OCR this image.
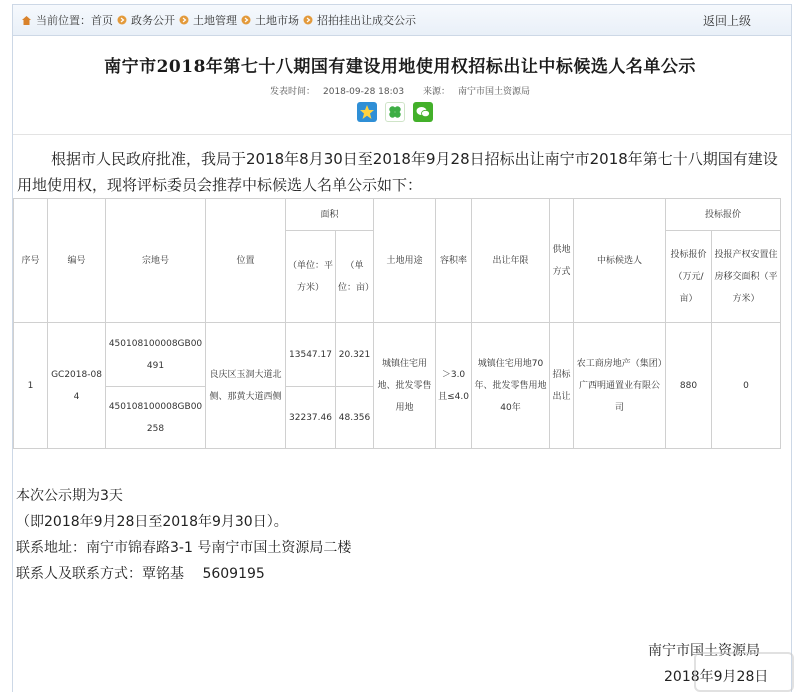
当前位置： 首页 政务公开 土地管理 土地市场 招拍挂出让成交公示	返回上级
南宁市2018年第七十八期国有建设用地使用权招标出让中标候选人名单公示
发表时间： 2018-09-28 18:03 来源： 南宁市国土资源局

根据市人民政府批准，我局于2018年8月30日至2018年9月28日招标出让南宁市2018年第七十八期国有建设用地使用权，现将评标委员会推荐中标候选人名单公示如下：

序号	编号	宗地号	位置	面积		土地用途	容积率	出让年限	供地方式	中标候选人	投标报价	
				（单位：平方米）	（单位：亩）						投标报价（万元/亩）	投报产权安置住房移交面积（平方米）
1	GC2018-084	450108100008GB00491	良庆区玉洞大道北侧、那黄大道西侧	13547.17	20.321	城镇住宅用地、批发零售用地	＞3.0且≤4.0	城镇住宅用地70年、批发零售用地40年	招标出让	农工商房地产（集团）广西明通置业有限公司	880	0
		450108100008GB00258		32237.46	48.356							
本次公示期为3天
（即2018年9月28日至2018年9月30日）。
联系地址：南宁市锦春路3-1 号南宁市国土资源局二楼
联系人及联系方式：覃铭基　 5609195
南宁市国土资源局
2018年9月28日
